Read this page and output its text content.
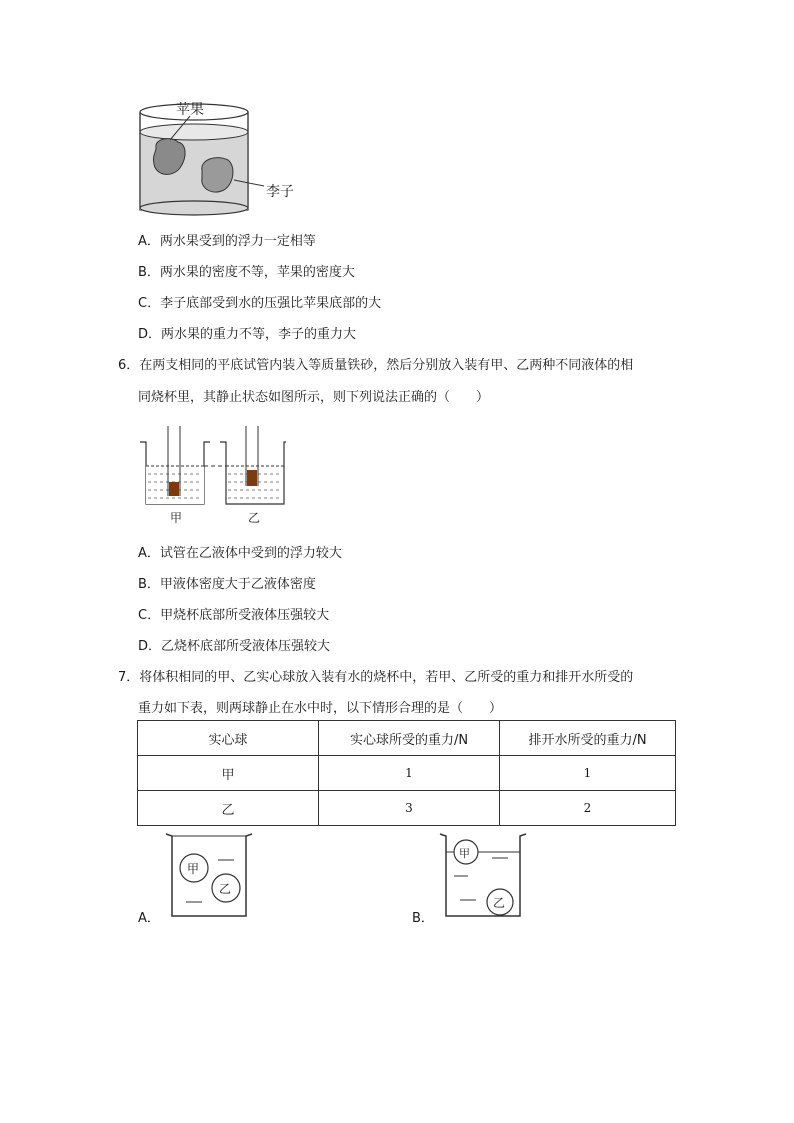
苹果
李子
A．两水果受到的浮力一定相等
B．两水果的密度不等，苹果的密度大
C．李子底部受到水的压强比苹果底部的大
D．两水果的重力不等，李子的重力大
6．在两支相同的平底试管内装入等质量铁砂，然后分别放入装有甲、乙两种不同液体的相
同烧杯里，其静止状态如图所示，则下列说法正确的（　　）
甲	乙
A．试管在乙液体中受到的浮力较大
B．甲液体密度大于乙液体密度
C．甲烧杯底部所受液体压强较大
D．乙烧杯底部所受液体压强较大
7．将体积相同的甲、乙实心球放入装有水的烧杯中，若甲、乙所受的重力和排开水所受的
重力如下表，则两球静止在水中时，以下情形合理的是（　　）
实心球	实心球所受的重力/N	排开水所受的重力/N
甲	1	1
乙	3	2
A．
甲
乙
B．
甲
乙
